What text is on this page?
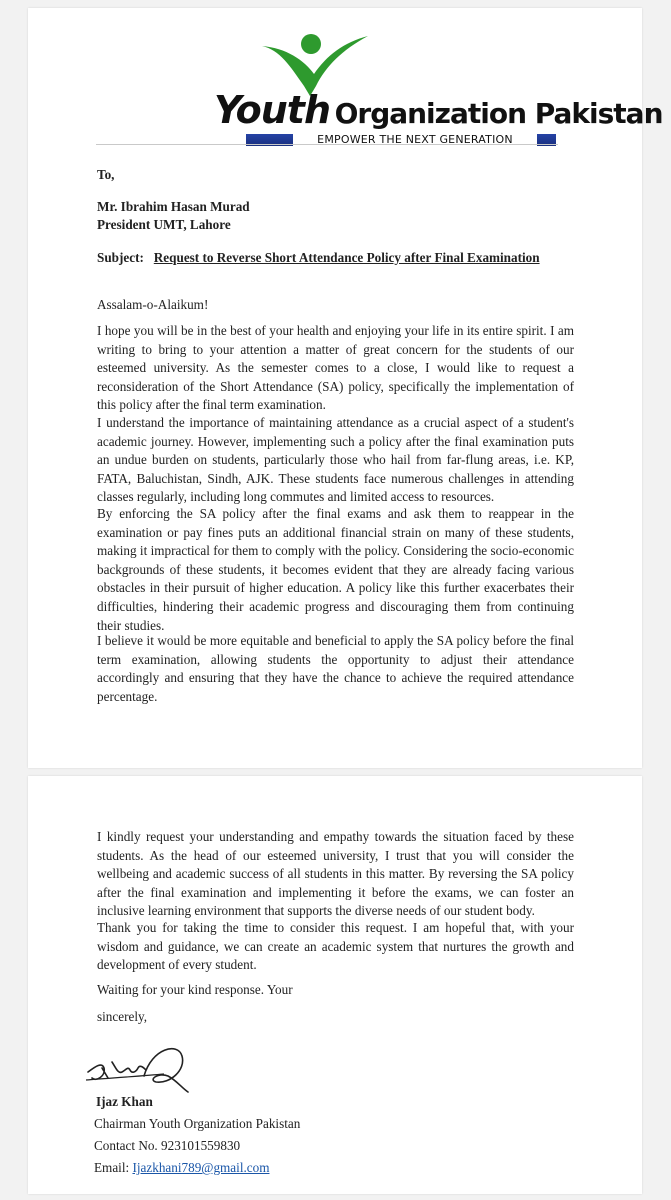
Youth Organization Pakistan
EMPOWER THE NEXT GENERATION
To,
Mr. Ibrahim Hasan Murad
President UMT, Lahore
Subject: Request to Reverse Short Attendance Policy after Final Examination
Assalam-o-Alaikum!
I hope you will be in the best of your health and enjoying your life in its entire spirit. I am writing to bring to your attention a matter of great concern for the students of our esteemed university. As the semester comes to a close, I would like to request a reconsideration of the Short Attendance (SA) policy, specifically the implementation of this policy after the final term examination.
I understand the importance of maintaining attendance as a crucial aspect of a student's academic journey. However, implementing such a policy after the final examination puts an undue burden on students, particularly those who hail from far-flung areas, i.e. KP, FATA, Baluchistan, Sindh, AJK. These students face numerous challenges in attending classes regularly, including long commutes and limited access to resources.
By enforcing the SA policy after the final exams and ask them to reappear in the examination or pay fines puts an additional financial strain on many of these students, making it impractical for them to comply with the policy. Considering the socio-economic backgrounds of these students, it becomes evident that they are already facing various obstacles in their pursuit of higher education. A policy like this further exacerbates their difficulties, hindering their academic progress and discouraging them from continuing their studies.
I believe it would be more equitable and beneficial to apply the SA policy before the final term examination, allowing students the opportunity to adjust their attendance accordingly and ensuring that they have the chance to achieve the required attendance percentage.
I kindly request your understanding and empathy towards the situation faced by these students. As the head of our esteemed university, I trust that you will consider the wellbeing and academic success of all students in this matter. By reversing the SA policy after the final examination and implementing it before the exams, we can foster an inclusive learning environment that supports the diverse needs of our student body.
Thank you for taking the time to consider this request. I am hopeful that, with your wisdom and guidance, we can create an academic system that nurtures the growth and development of every student.
Waiting for your kind response. Your
sincerely,
Ijaz Khan
Chairman Youth Organization Pakistan
Contact No. 923101559830
Email: Ijazkhani789@gmail.com
